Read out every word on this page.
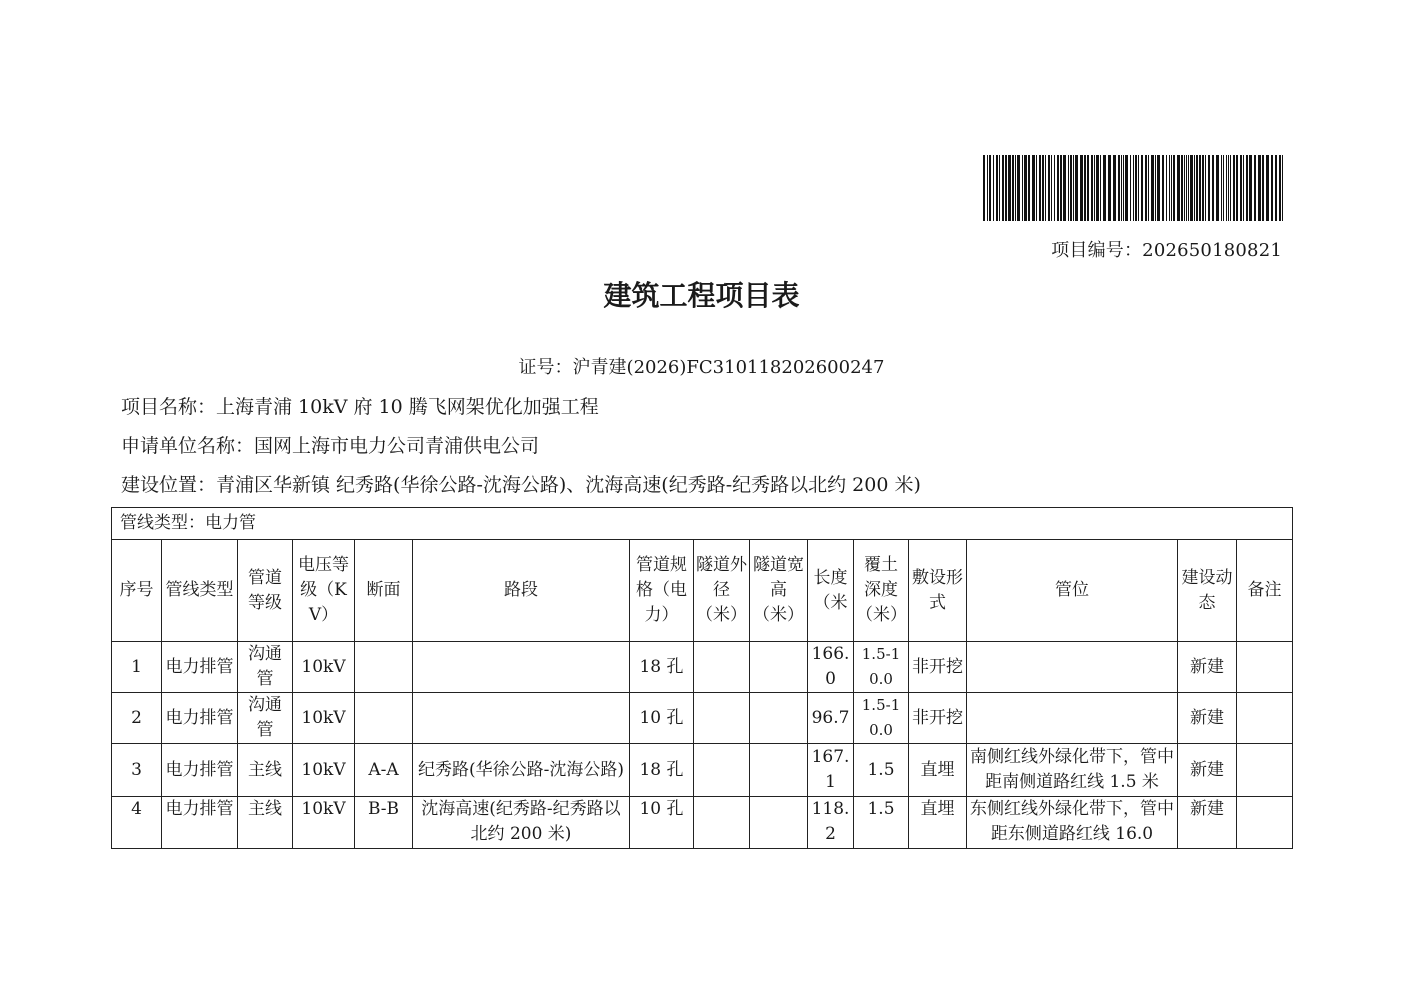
项目编号：202650180821
建筑工程项目表
证号：沪青建(2026)FC310118202600247
项目名称：上海青浦 10kV 府 10 腾飞网架优化加强工程
申请单位名称：国网上海市电力公司青浦供电公司
建设位置：青浦区华新镇 纪秀路(华徐公路-沈海公路)、沈海高速(纪秀路-纪秀路以北约 200 米)
管线类型：电力管														
序号	管线类型	管道等级	电压等级（KV）	断面	路段	管道规格（电力）	隧道外径（米）	隧道宽高（米）	长度（米	覆土深度（米）	敷设形式	管位	建设动态	备注
1	电力排管	沟通管	10kV			18 孔			166.0	1.5-10.0	非开挖		新建	
2	电力排管	沟通管	10kV			10 孔			96.7	1.5-10.0	非开挖		新建	
3	电力排管	主线	10kV	A-A	纪秀路(华徐公路-沈海公路)	18 孔			167.1	1.5	直埋	南侧红线外绿化带下，管中距南侧道路红线 1.5 米	新建	
4	电力排管	主线	10kV	B-B	沈海高速(纪秀路-纪秀路以北约 200 米)	10 孔			118.2	1.5	直埋	东侧红线外绿化带下，管中距东侧道路红线 16.0	新建	
